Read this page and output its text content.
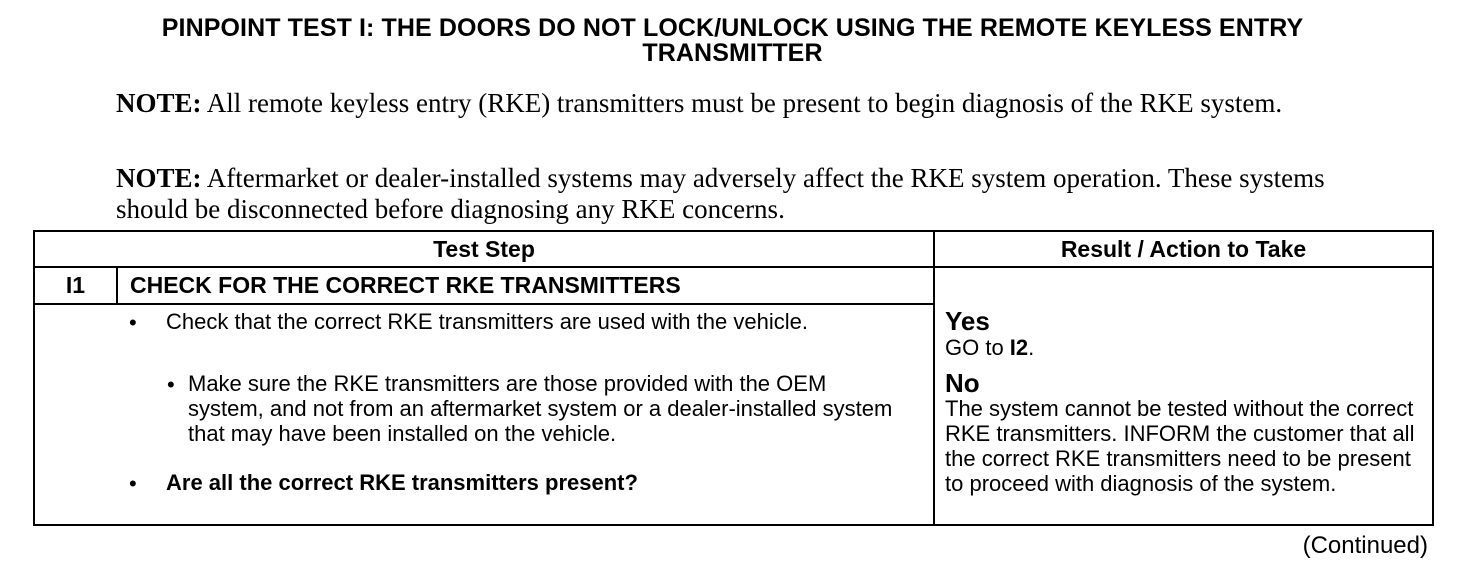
PINPOINT TEST I: THE DOORS DO NOT LOCK/UNLOCK USING THE REMOTE KEYLESS ENTRY
TRANSMITTER
NOTE: All remote keyless entry (RKE) transmitters must be present to begin diagnosis of the RKE system.
NOTE: Aftermarket or dealer-installed systems may adversely affect the RKE system operation. These systems should be disconnected before diagnosing any RKE concerns.
Test Step	Result / Action to Take
I1	CHECK FOR THE CORRECT RKE TRANSMITTERS
• Check that the correct RKE transmitters are used with the vehicle.
• Make sure the RKE transmitters are those provided with the OEM system, and not from an aftermarket system or a dealer-installed system that may have been installed on the vehicle.
• Are all the correct RKE transmitters present?
Yes
GO to I2.
No
The system cannot be tested without the correct RKE transmitters. INFORM the customer that all the correct RKE transmitters need to be present to proceed with diagnosis of the system.
(Continued)
